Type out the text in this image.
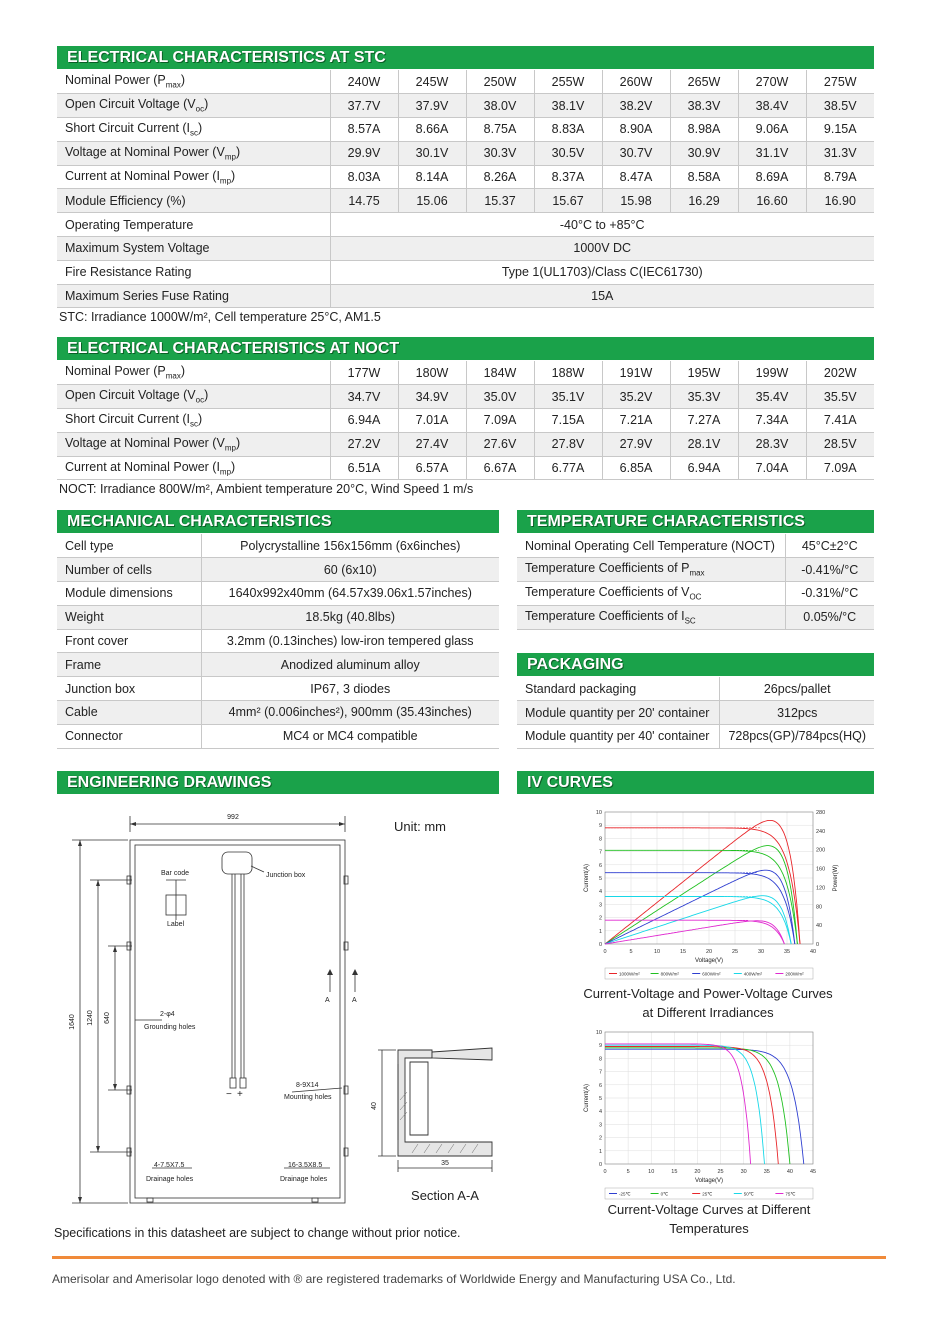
ELECTRICAL CHARACTERISTICS AT STC
Nominal Power $(P_{max})$	240W	245W	250W	255W	260W	265W	270W	275W
Open Circuit Voltage $(V_{oc})$	37.7V	37.9V	38.0V	38.1V	38.2V	38.3V	38.4V	38.5V
Short Circuit Current $(I_{sc})$	8.57A	8.66A	8.75A	8.83A	8.90A	8.98A	9.06A	9.15A
Voltage at Nominal Power $(V_{mp})$	29.9V	30.1V	30.3V	30.5V	30.7V	30.9V	31.1V	31.3V
Current at Nominal Power $(I_{mp})$	8.03A	8.14A	8.26A	8.37A	8.47A	8.58A	8.69A	8.79A
Module Efficiency (%)	14.75	15.06	15.37	15.67	15.98	16.29	16.60	16.90
Operating Temperature	-40°C to +85°C							
Maximum System Voltage	1000V DC							
Fire Resistance Rating	Type 1(UL1703)/Class C(IEC61730)							
Maximum Series Fuse Rating	15A							
STC: Irradiance 1000W/m², Cell temperature 25°C, AM1.5
ELECTRICAL CHARACTERISTICS AT NOCT
Nominal Power $(P_{max})$	177W	180W	184W	188W	191W	195W	199W	202W
Open Circuit Voltage $(V_{oc})$	34.7V	34.9V	35.0V	35.1V	35.2V	35.3V	35.4V	35.5V
Short Circuit Current $(I_{sc})$	6.94A	7.01A	7.09A	7.15A	7.21A	7.27A	7.34A	7.41A
Voltage at Nominal Power $(V_{mp})$	27.2V	27.4V	27.6V	27.8V	27.9V	28.1V	28.3V	28.5V
Current at Nominal Power $(I_{mp})$	6.51A	6.57A	6.67A	6.77A	6.85A	6.94A	7.04A	7.09A
NOCT: Irradiance 800W/m², Ambient temperature 20°C, Wind Speed 1 m/s
MECHANICAL CHARACTERISTICS
Cell type	Polycrystalline 156x156mm (6x6inches)
Number of cells	60 (6x10)
Module dimensions	1640x992x40mm (64.57x39.06x1.57inches)
Weight	18.5kg (40.8lbs)
Front cover	3.2mm (0.13inches) low-iron tempered glass
Frame	Anodized aluminum alloy
Junction box	IP67, 3 diodes
Cable	4mm² (0.006inches²), 900mm (35.43inches)
Connector	MC4 or MC4 compatible
TEMPERATURE CHARACTERISTICS
Nominal Operating Cell Temperature (NOCT)	45°C±2°C
Temperature Coefficients of $P_{max}$	-0.41%/°C
Temperature Coefficients of $V_{OC}$	-0.31%/°C
Temperature Coefficients of $I_{SC}$	0.05%/°C
PACKAGING
Standard packaging	26pcs/pallet
Module quantity per 20' container	312pcs
Module quantity per 40' container	728pcs(GP)/784pcs(HQ)
ENGINEERING DRAWINGS
992
1640 1240 640
Bar code
Label
Junction box
2-φ4
Grounding holes
8-9X14
Mounting holes
4-7.5X7.5
Drainage holes
16-3.5X8.5
Drainage holes
A	A
− +
Unit: mm
40
35
Section A-A
Specifications in this datasheet are subject to change without prior notice.
IV CURVES
0	5	10	15	20	25	30	35	40
0
1
2
3
4
5
6
7
8
9
10
Voltage(V)
Current(A)
0
40
80
120
160
200
240
280
Power(W)
1000W/m²	800W/m²	600W/m²	400W/m²	200W/m²
Current-Voltage and Power-Voltage Curves at Different Irradiances
0	5	10	15	20	25	30	35	40	45
0
1
2
3
4
5
6
7
8
9
10
Voltage(V)
Current(A)
-25℃	0℃	25℃	50℃	75℃
Current-Voltage Curves at Different Temperatures
Amerisolar and Amerisolar logo denoted with ® are registered trademarks of Worldwide Energy and Manufacturing USA Co., Ltd.
